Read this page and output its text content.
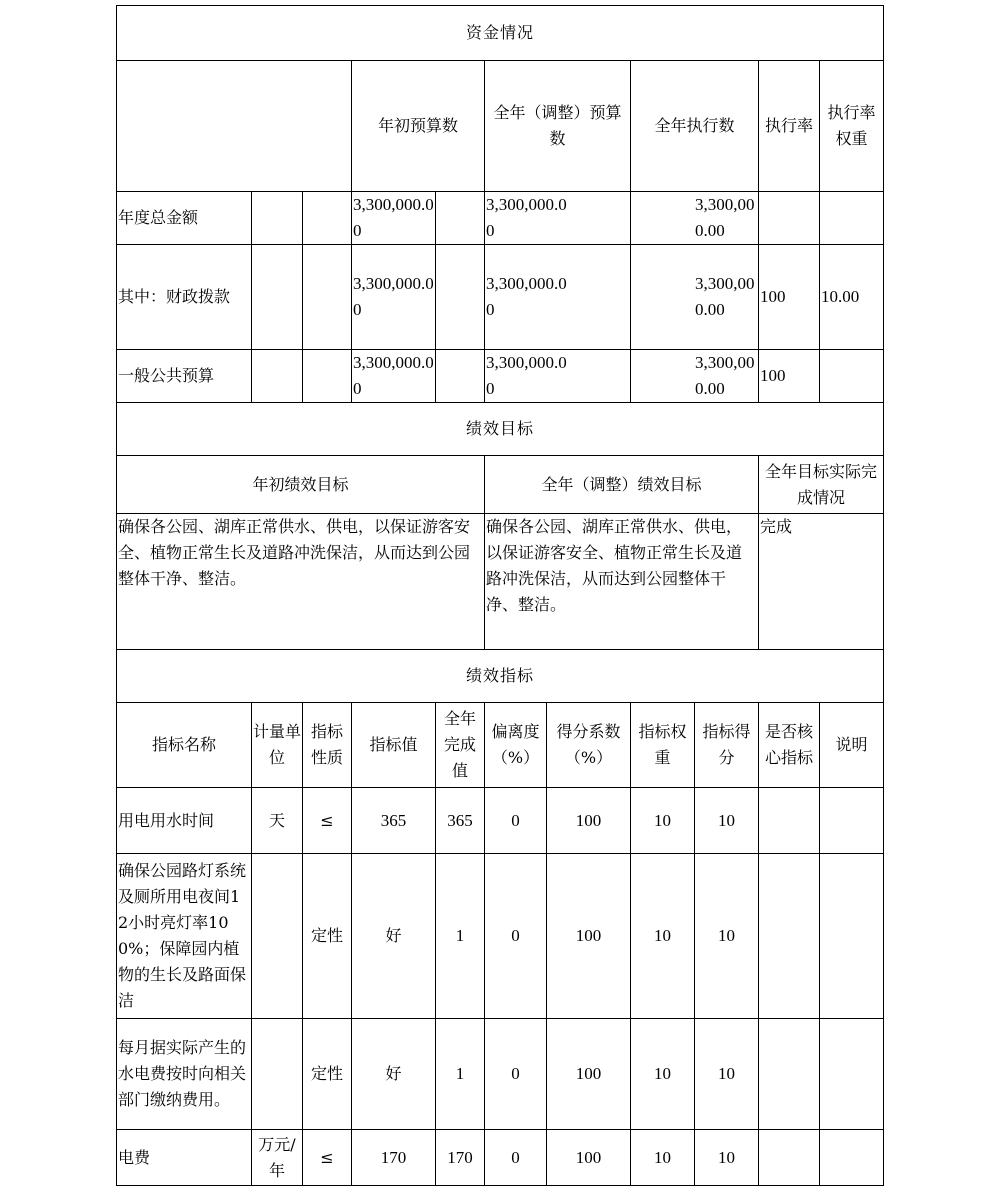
资金情况											
			年初预算数		全年（调整）预算数		全年执行数		执行率	执行率权重	
年度总金额			3,300,000.00		3,300,000.00		3,300,000.00				

其中：财政拨款			3,300,000.00		3,300,000.00		3,300,000.00		100	10.00	
一般公共预算			3,300,000.00		3,300,000.00		3,300,000.00		100		
绩效目标											
年初绩效目标					全年（调整）绩效目标				全年目标实际完成情况		
确保各公园、湖库正常供水、供电，以保证游客安全、植物正常生长及道路冲洗保洁，从而达到公园整体干净、整洁。					确保各公园、湖库正常供水、供电，以保证游客安全、植物正常生长及道路冲洗保洁，从而达到公园整体干净、整洁。				完成		
绩效指标											
指标名称	计量单位	指标性质	指标值	全年完成值	偏离度（%）	得分系数（%）	指标权重	指标得分	是否核心指标	说明	
用电用水时间	天	≤	365	365	0	100	10	10			
确保公园路灯系统及厕所用电夜间12小时亮灯率100%；保障园内植物的生长及路面保洁		定性	好	1	0	100	10	10			
每月据实际产生的水电费按时向相关部门缴纳费用。		定性	好	1	0	100	10	10			
电费	万元/年	≤	170	170	0	100	10	10			
